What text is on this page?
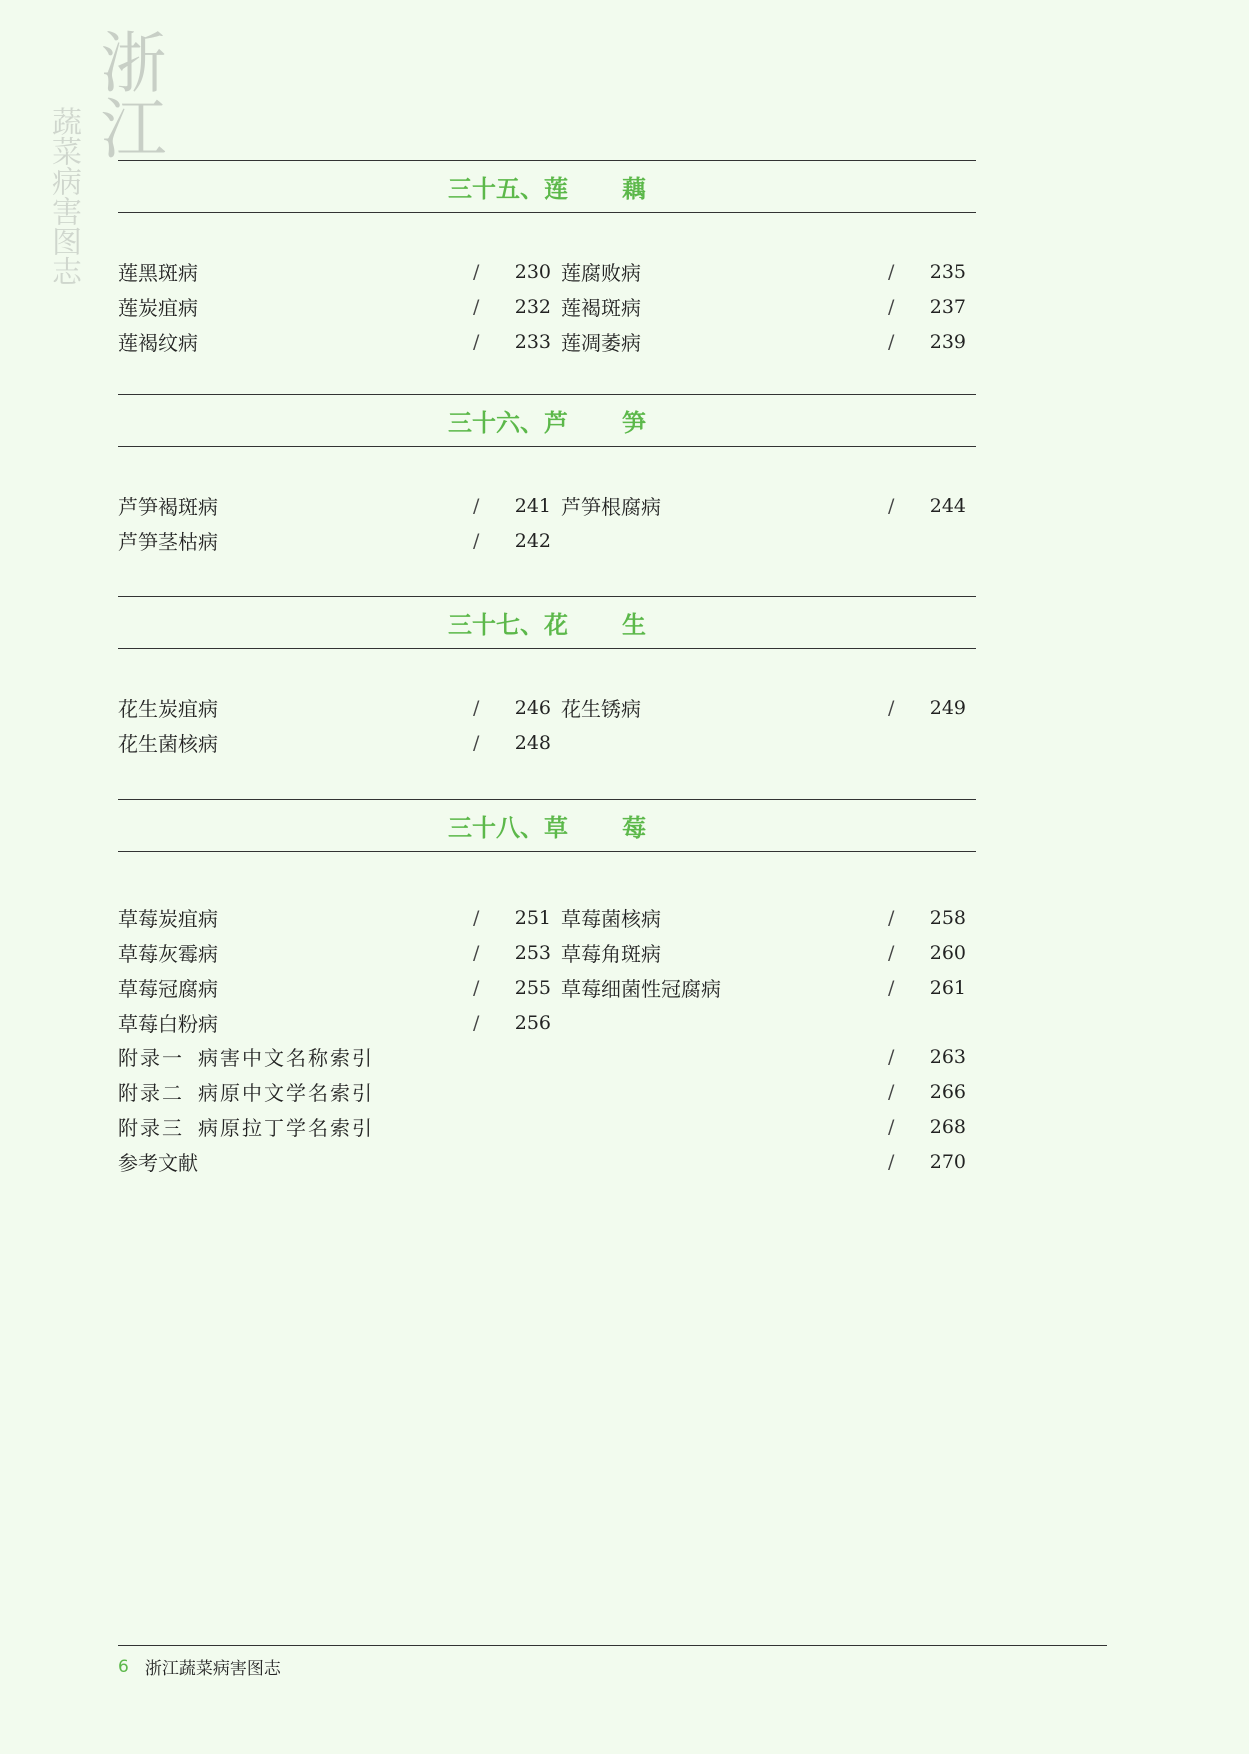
浙江
蔬菜病害图志	三十五、 莲 藕
莲黑斑病	/	230 莲腐败病	/	235
莲炭疽病	/	232 莲褐斑病	/	237
莲褐纹病	/	233 莲凋萎病	/	239
三十六、 芦 笋
芦笋褐斑病	/	241 芦笋根腐病	/	244
芦笋茎枯病	/	242
三十七、 花 生
花生炭疽病	/	246 花生锈病	/	249
花生菌核病	/	248
三十八、 草 莓
草莓炭疽病	/	251 草莓菌核病	/	258
草莓灰霉病	/	253 草莓角斑病	/	260
草莓冠腐病	/	255 草莓细菌性冠腐病	/	261
草莓白粉病	/	256
附录一 病害中文名称索引	/	263
附录二 病原中文学名索引	/	266
附录三 病原拉丁学名索引	/	268
参考文献	/	270
6 浙江蔬菜病害图志
